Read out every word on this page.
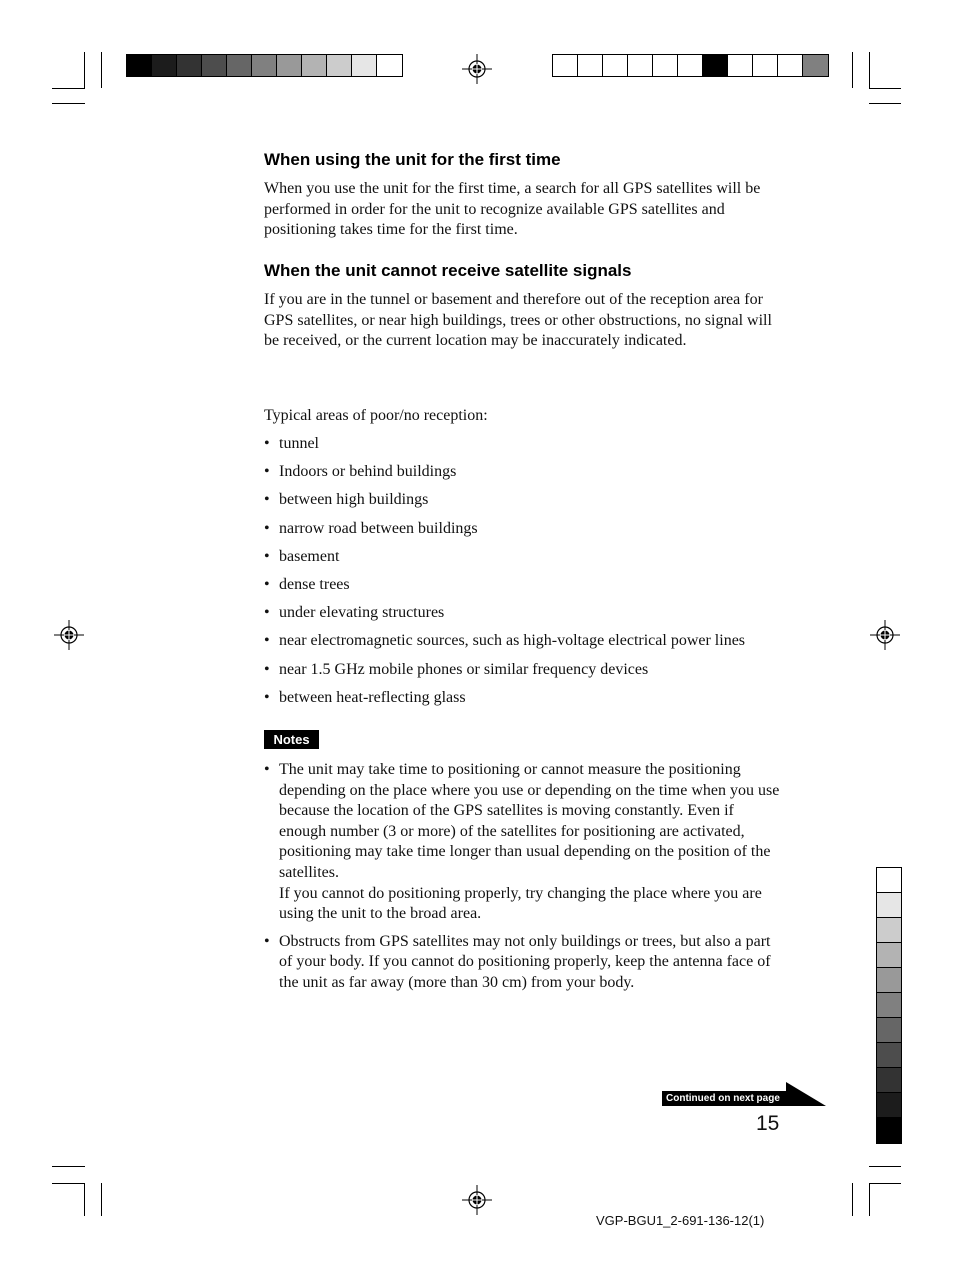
When using the unit for the first time

When you use the unit for the first time, a search for all GPS satellites will be performed in order for the unit to recognize available GPS satellites and positioning takes time for the first time.

When the unit cannot receive satellite signals

If you are in the tunnel or basement and therefore out of the reception area for GPS satellites, or near high buildings, trees or other obstructions, no signal will be received, or the current location may be inaccurately indicated.

Typical areas of poor/no reception:

• tunnel
• Indoors or behind buildings
• between high buildings
• narrow road between buildings
• basement
• dense trees
• under elevating structures
• near electromagnetic sources, such as high-voltage electrical power lines
• near 1.5 GHz mobile phones or similar frequency devices
• between heat-reflecting glass
Notes
• The unit may take time to positioning or cannot measure the positioning depending on the place where you use or depending on the time when you use because the location of the GPS satellites is moving constantly. Even if enough number (3 or more) of the satellites for positioning are activated, positioning may take time longer than usual depending on the position of the satellites.
If you cannot do positioning properly, try changing the place where you are using the unit to the broad area.
• Obstructs from GPS satellites may not only buildings or trees, but also a part of your body. If you cannot do positioning properly, keep the antenna face of the unit as far away (more than 30 cm) from your body.
Continued on next page
15
VGP-BGU1_2-691-136-12(1)
